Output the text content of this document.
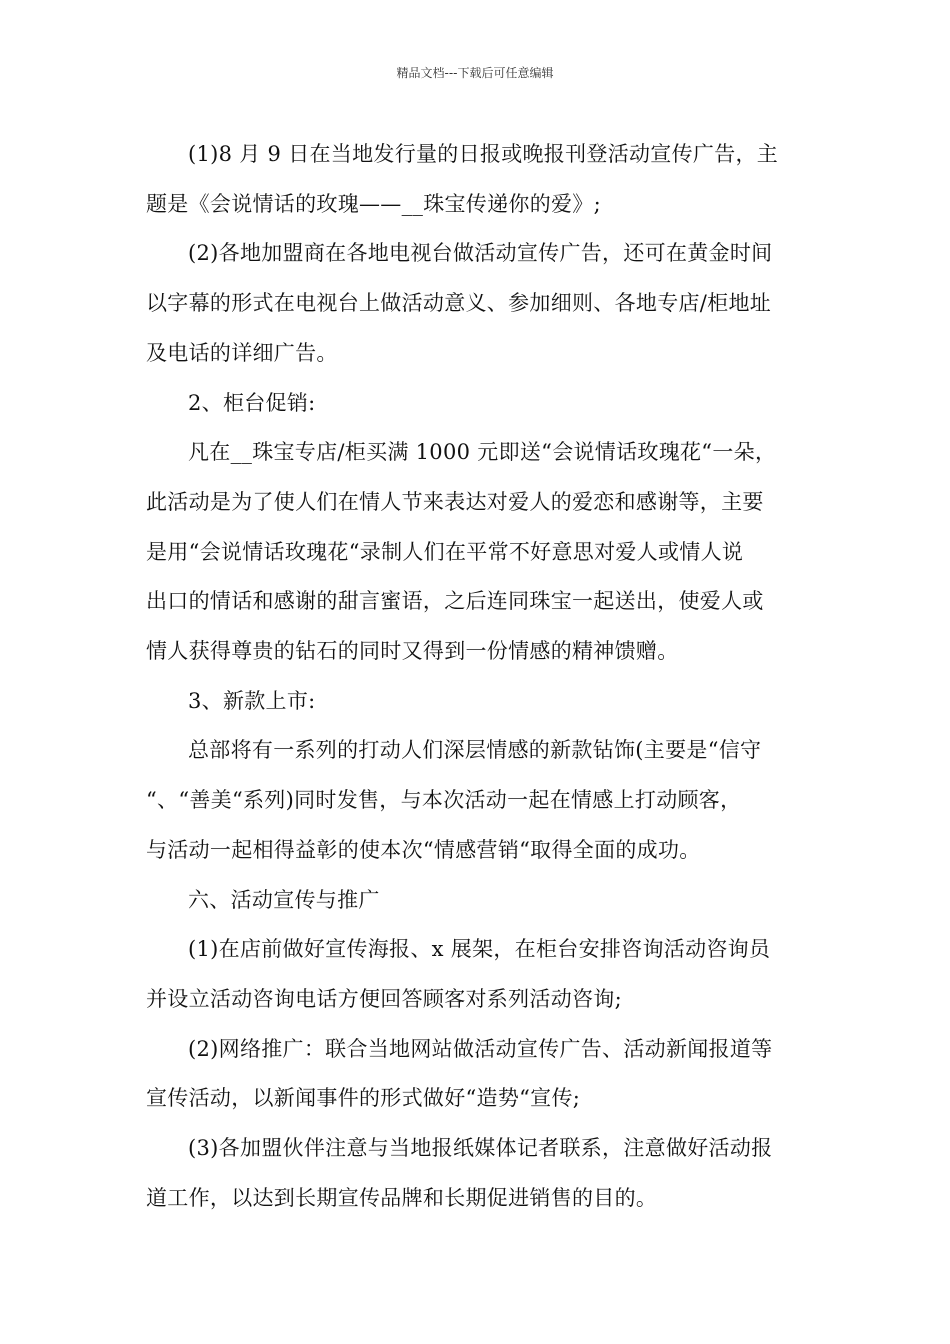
精品文档---下载后可任意编辑
(1)8 月 9 日在当地发行量的日报或晚报刊登活动宣传广告，主
题是《会说情话的玫瑰——__珠宝传递你的爱》;
(2)各地加盟商在各地电视台做活动宣传广告，还可在黄金时间
以字幕的形式在电视台上做活动意义、参加细则、各地专店/柜地址
及电话的详细广告。
2、柜台促销:
凡在__珠宝专店/柜买满 1000 元即送“会说情话玫瑰花“一朵，
此活动是为了使人们在情人节来表达对爱人的爱恋和感谢等，主要
是用“会说情话玫瑰花“录制人们在平常不好意思对爱人或情人说
出口的情话和感谢的甜言蜜语，之后连同珠宝一起送出，使爱人或
情人获得尊贵的钻石的同时又得到一份情感的精神馈赠。
3、新款上市:
总部将有一系列的打动人们深层情感的新款钻饰(主要是“信守
“、“善美“系列)同时发售，与本次活动一起在情感上打动顾客，
与活动一起相得益彰的使本次“情感营销“取得全面的成功。
六、活动宣传与推广
(1)在店前做好宣传海报、x 展架，在柜台安排咨询活动咨询员
并设立活动咨询电话方便回答顾客对系列活动咨询;
(2)网络推广：联合当地网站做活动宣传广告、活动新闻报道等
宣传活动，以新闻事件的形式做好“造势“宣传;
(3)各加盟伙伴注意与当地报纸媒体记者联系，注意做好活动报
道工作，以达到长期宣传品牌和长期促进销售的目的。
